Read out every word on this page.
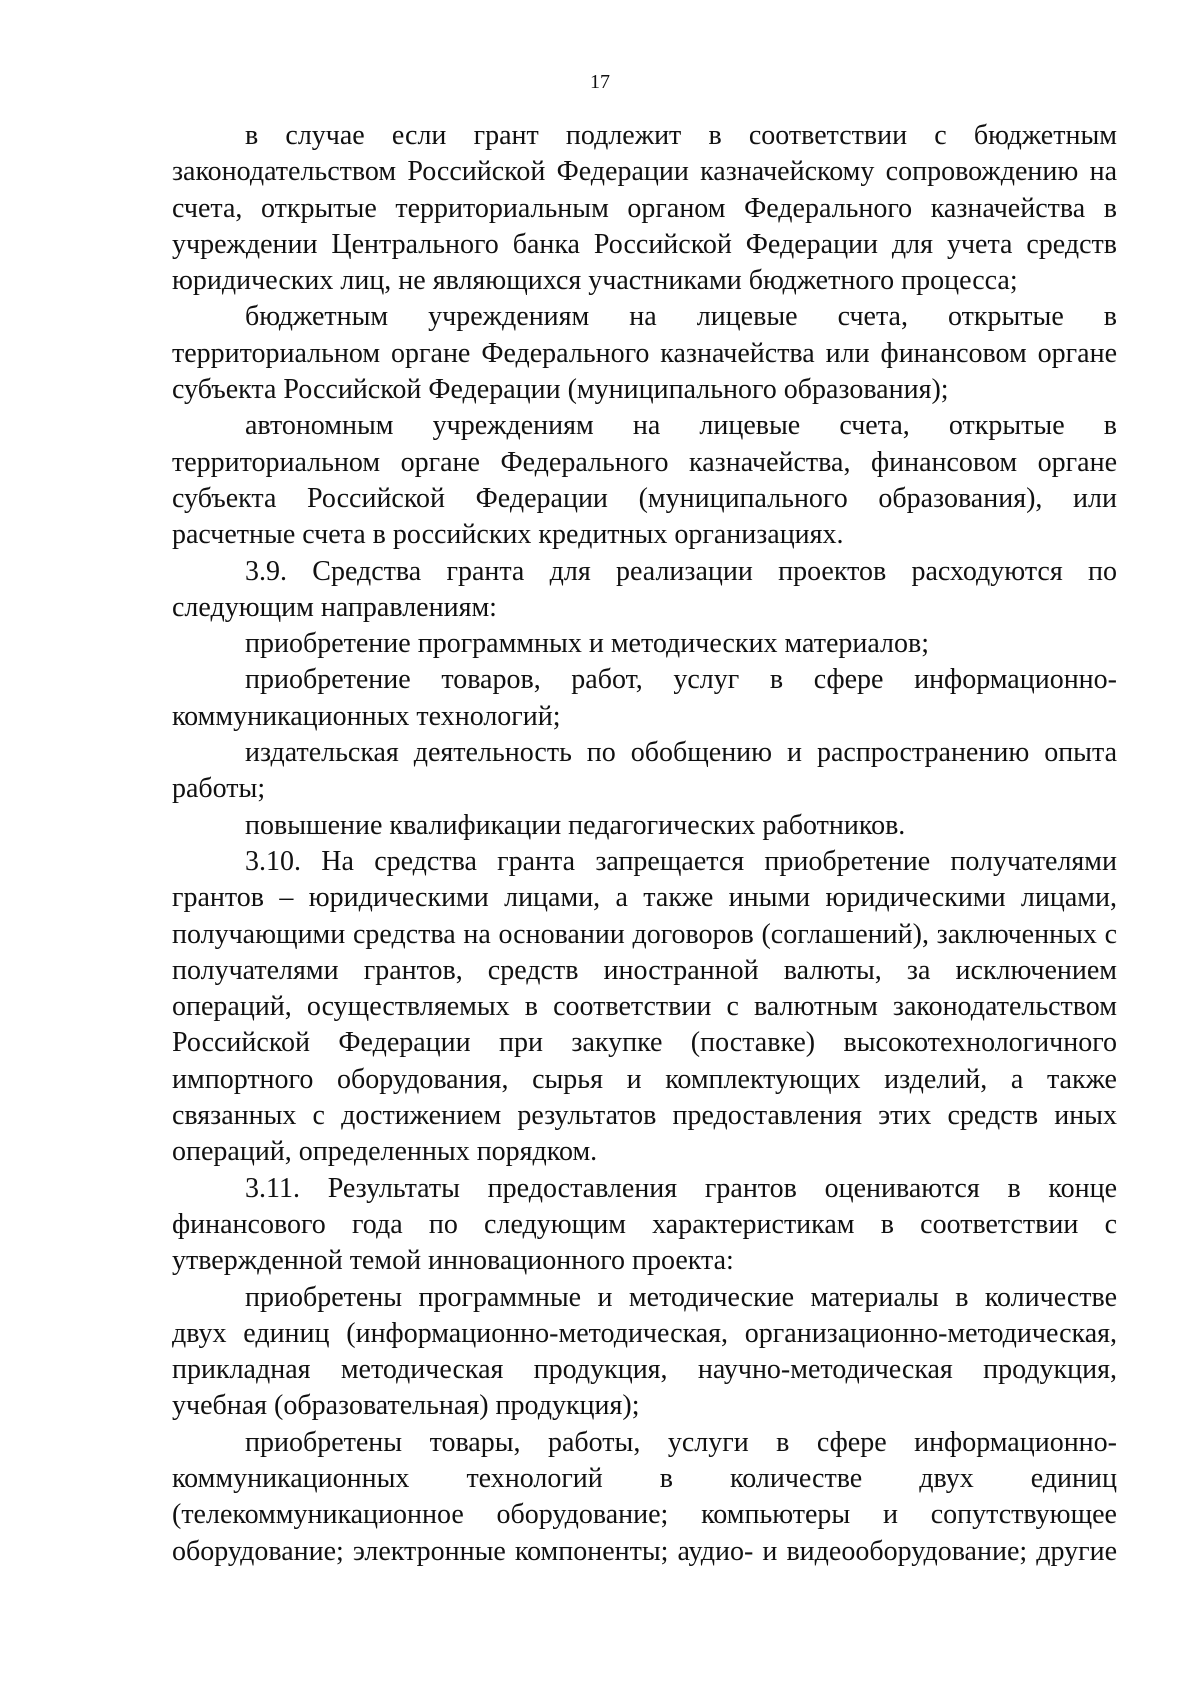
17

в случае если грант подлежит в соответствии с бюджетным законодательством Российской Федерации казначейскому сопровождению на счета, открытые территориальным органом Федерального казначейства в учреждении Центрального банка Российской Федерации для учета средств юридических лиц, не являющихся участниками бюджетного процесса;

бюджетным учреждениям на лицевые счета, открытые в территориальном органе Федерального казначейства или финансовом органе субъекта Российской Федерации (муниципального образования);

автономным учреждениям на лицевые счета, открытые в территориальном органе Федерального казначейства, финансовом органе субъекта Российской Федерации (муниципального образования), или расчетные счета в российских кредитных организациях.

3.9. Средства гранта для реализации проектов расходуются по следующим направлениям:

приобретение программных и методических материалов;

приобретение товаров, работ, услуг в сфере информационно-коммуникационных технологий;

издательская деятельность по обобщению и распространению опыта работы;

повышение квалификации педагогических работников.

3.10. На средства гранта запрещается приобретение получателями грантов – юридическими лицами, а также иными юридическими лицами, получающими средства на основании договоров (соглашений), заключенных с получателями грантов, средств иностранной валюты, за исключением операций, осуществляемых в соответствии с валютным законодательством Российской Федерации при закупке (поставке) высокотехнологичного импортного оборудования, сырья и комплектующих изделий, а также связанных с достижением результатов предоставления этих средств иных операций, определенных порядком.

3.11. Результаты предоставления грантов оцениваются в конце финансового года по следующим характеристикам в соответствии с утвержденной темой инновационного проекта:

приобретены программные и методические материалы в количестве двух единиц (информационно-методическая, организационно-методическая, прикладная методическая продукция, научно-методическая продукция, учебная (образовательная) продукция);

приобретены товары, работы, услуги в сфере информационно-коммуникационных технологий в количестве двух единиц (телекоммуникационное оборудование; компьютеры и сопутствующее оборудование; электронные компоненты; аудио- и видеооборудование; другие
